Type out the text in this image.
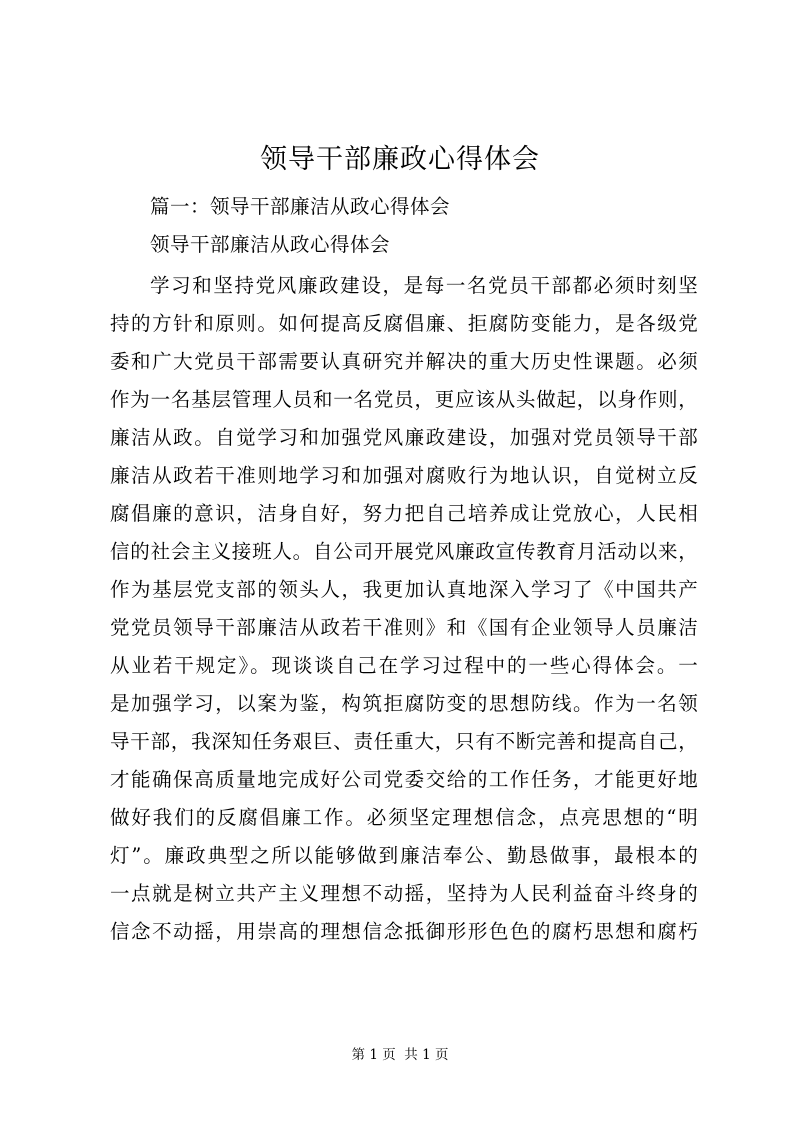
领导干部廉政心得体会

篇一：领导干部廉洁从政心得体会

领导干部廉洁从政心得体会

学习和坚持党风廉政建设，是每一名党员干部都必须时刻坚
持的方针和原则。如何提高反腐倡廉、拒腐防变能力，是各级党
委和广大党员干部需要认真研究并解决的重大历史性课题。必须
作为一名基层管理人员和一名党员，更应该从头做起，以身作则，
廉洁从政。自觉学习和加强党风廉政建设，加强对党员领导干部
廉洁从政若干准则地学习和加强对腐败行为地认识，自觉树立反
腐倡廉的意识，洁身自好，努力把自己培养成让党放心，人民相
信的社会主义接班人。自公司开展党风廉政宣传教育月活动以来，
作为基层党支部的领头人，我更加认真地深入学习了《中国共产
党党员领导干部廉洁从政若干准则》和《国有企业领导人员廉洁
从业若干规定》。现谈谈自己在学习过程中的一些心得体会。一
是加强学习，以案为鉴，构筑拒腐防变的思想防线。作为一名领
导干部，我深知任务艰巨、责任重大，只有不断完善和提高自己，
才能确保高质量地完成好公司党委交给的工作任务，才能更好地
做好我们的反腐倡廉工作。必须坚定理想信念，点亮思想的“明
灯”。廉政典型之所以能够做到廉洁奉公、勤恳做事，最根本的
一点就是树立共产主义理想不动摇，坚持为人民利益奋斗终身的
信念不动摇，用崇高的理想信念抵御形形色色的腐朽思想和腐朽
第 1 页  共 1 页
